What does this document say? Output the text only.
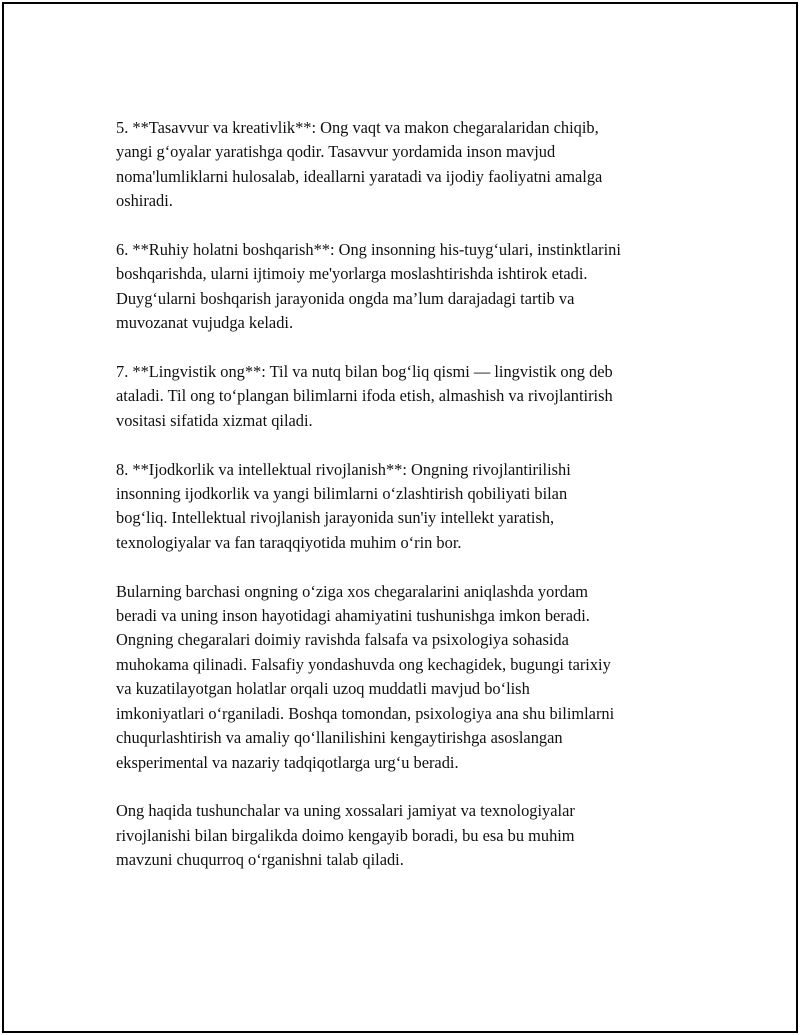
5. **Tasavvur va kreativlik**: Ong vaqt va makon chegaralaridan chiqib,
yangi g‘oyalar yaratishga qodir. Tasavvur yordamida inson mavjud
noma'lumliklarni hulosalab, ideallarni yaratadi va ijodiy faoliyatni amalga
oshiradi.

6. **Ruhiy holatni boshqarish**: Ong insonning his-tuyg‘ulari, instinktlarini
boshqarishda, ularni ijtimoiy me'yorlarga moslashtirishda ishtirok etadi.
Duyg‘ularni boshqarish jarayonida ongda ma’lum darajadagi tartib va
muvozanat vujudga keladi.

7. **Lingvistik ong**: Til va nutq bilan bog‘liq qismi — lingvistik ong deb
ataladi. Til ong to‘plangan bilimlarni ifoda etish, almashish va rivojlantirish
vositasi sifatida xizmat qiladi.

8. **Ijodkorlik va intellektual rivojlanish**: Ongning rivojlantirilishi
insonning ijodkorlik va yangi bilimlarni o‘zlashtirish qobiliyati bilan
bog‘liq. Intellektual rivojlanish jarayonida sun'iy intellekt yaratish,
texnologiyalar va fan taraqqiyotida muhim o‘rin bor.

Bularning barchasi ongning o‘ziga xos chegaralarini aniqlashda yordam
beradi va uning inson hayotidagi ahamiyatini tushunishga imkon beradi.
Ongning chegaralari doimiy ravishda falsafa va psixologiya sohasida
muhokama qilinadi. Falsafiy yondashuvda ong kechagidek, bugungi tarixiy
va kuzatilayotgan holatlar orqali uzoq muddatli mavjud bo‘lish
imkoniyatlari o‘rganiladi. Boshqa tomondan, psixologiya ana shu bilimlarni
chuqurlashtirish va amaliy qo‘llanilishini kengaytirishga asoslangan
eksperimental va nazariy tadqiqotlarga urg‘u beradi.

Ong haqida tushunchalar va uning xossalari jamiyat va texnologiyalar
rivojlanishi bilan birgalikda doimo kengayib boradi, bu esa bu muhim
mavzuni chuqurroq o‘rganishni talab qiladi.
